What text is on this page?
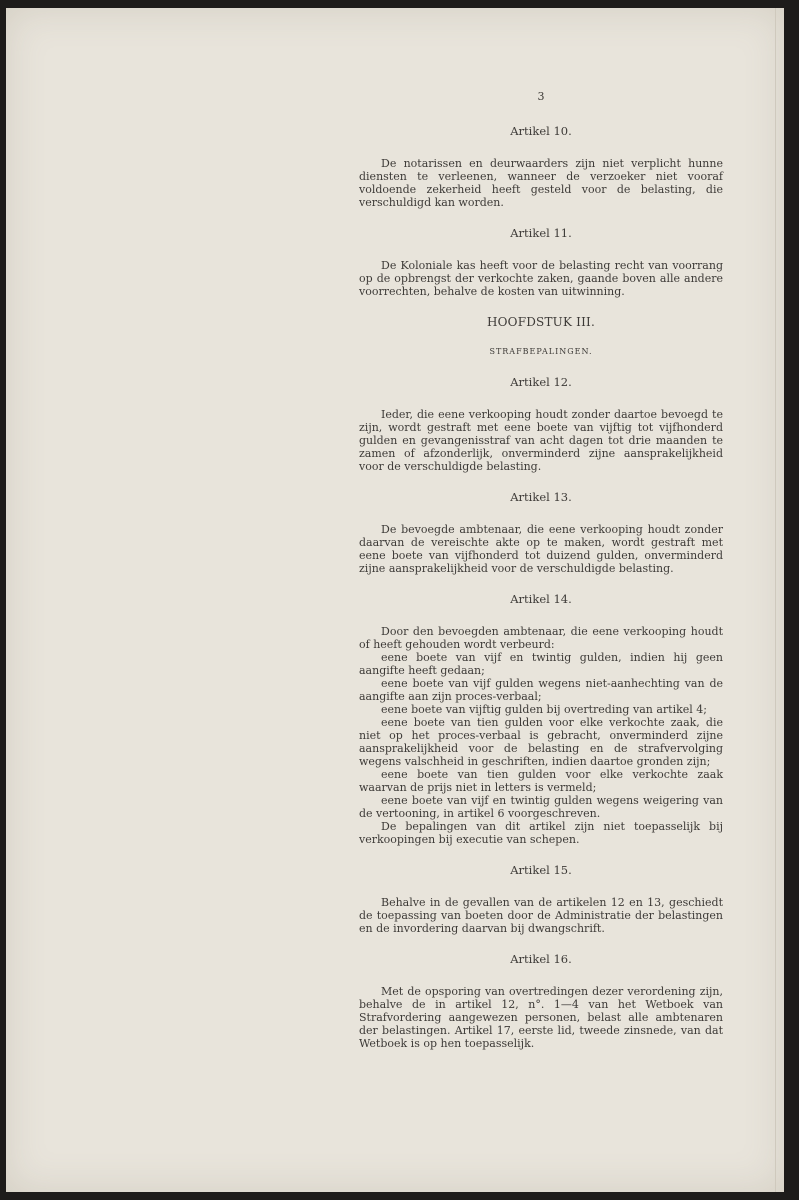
3
Artikel 10.

De notarissen en deurwaarders zijn niet verplicht hunne diensten te verleenen, wanneer de verzoeker niet vooraf voldoende zekerheid heeft gesteld voor de belasting, die verschuldigd kan worden.

Artikel 11.

De Koloniale kas heeft voor de belasting recht van voorrang op de opbrengst der verkochte zaken, gaande boven alle andere voorrechten, behalve de kosten van uitwinning.

HOOFDSTUK III.
STRAFBEPALINGEN.
Artikel 12.

Ieder, die eene verkooping houdt zonder daartoe bevoegd te zijn, wordt gestraft met eene boete van vijftig tot vijfhonderd gulden en gevangenisstraf van acht dagen tot drie maanden te zamen of afzonderlijk, onverminderd zijne aansprakelijkheid voor de verschuldigde belasting.

Artikel 13.

De bevoegde ambtenaar, die eene verkooping houdt zonder daarvan de vereischte akte op te maken, wordt gestraft met eene boete van vijfhonderd tot duizend gulden, onverminderd zijne aansprakelijkheid voor de verschuldigde belasting.

Artikel 14.

Door den bevoegden ambtenaar, die eene verkooping houdt of heeft gehouden wordt verbeurd:

eene boete van vijf en twintig gulden, indien hij geen aangifte heeft gedaan;

eene boete van vijf gulden wegens niet-aanhechting van de aangifte aan zijn proces-verbaal;

eene boete van vijftig gulden bij overtreding van artikel 4;

eene boete van tien gulden voor elke verkochte zaak, die niet op het proces-verbaal is gebracht, onverminderd zijne aansprakelijkheid voor de belasting en de strafvervolging wegens valschheid in geschriften, indien daartoe gronden zijn;

eene boete van tien gulden voor elke verkochte zaak waarvan de prijs niet in letters is vermeld;

eene boete van vijf en twintig gulden wegens weigering van de vertooning, in artikel 6 voorgeschreven.

De bepalingen van dit artikel zijn niet toepasselijk bij verkoopingen bij executie van schepen.

Artikel 15.

Behalve in de gevallen van de artikelen 12 en 13, geschiedt de toepassing van boeten door de Administratie der belastingen en de invordering daarvan bij dwangschrift.

Artikel 16.

Met de opsporing van overtredingen dezer verordening zijn, behalve de in artikel 12, n°. 1—4 van het Wetboek van Strafvordering aangewezen personen, belast alle ambtenaren der belastingen. Artikel 17, eerste lid, tweede zinsnede, van dat Wetboek is op hen toepasselijk.
